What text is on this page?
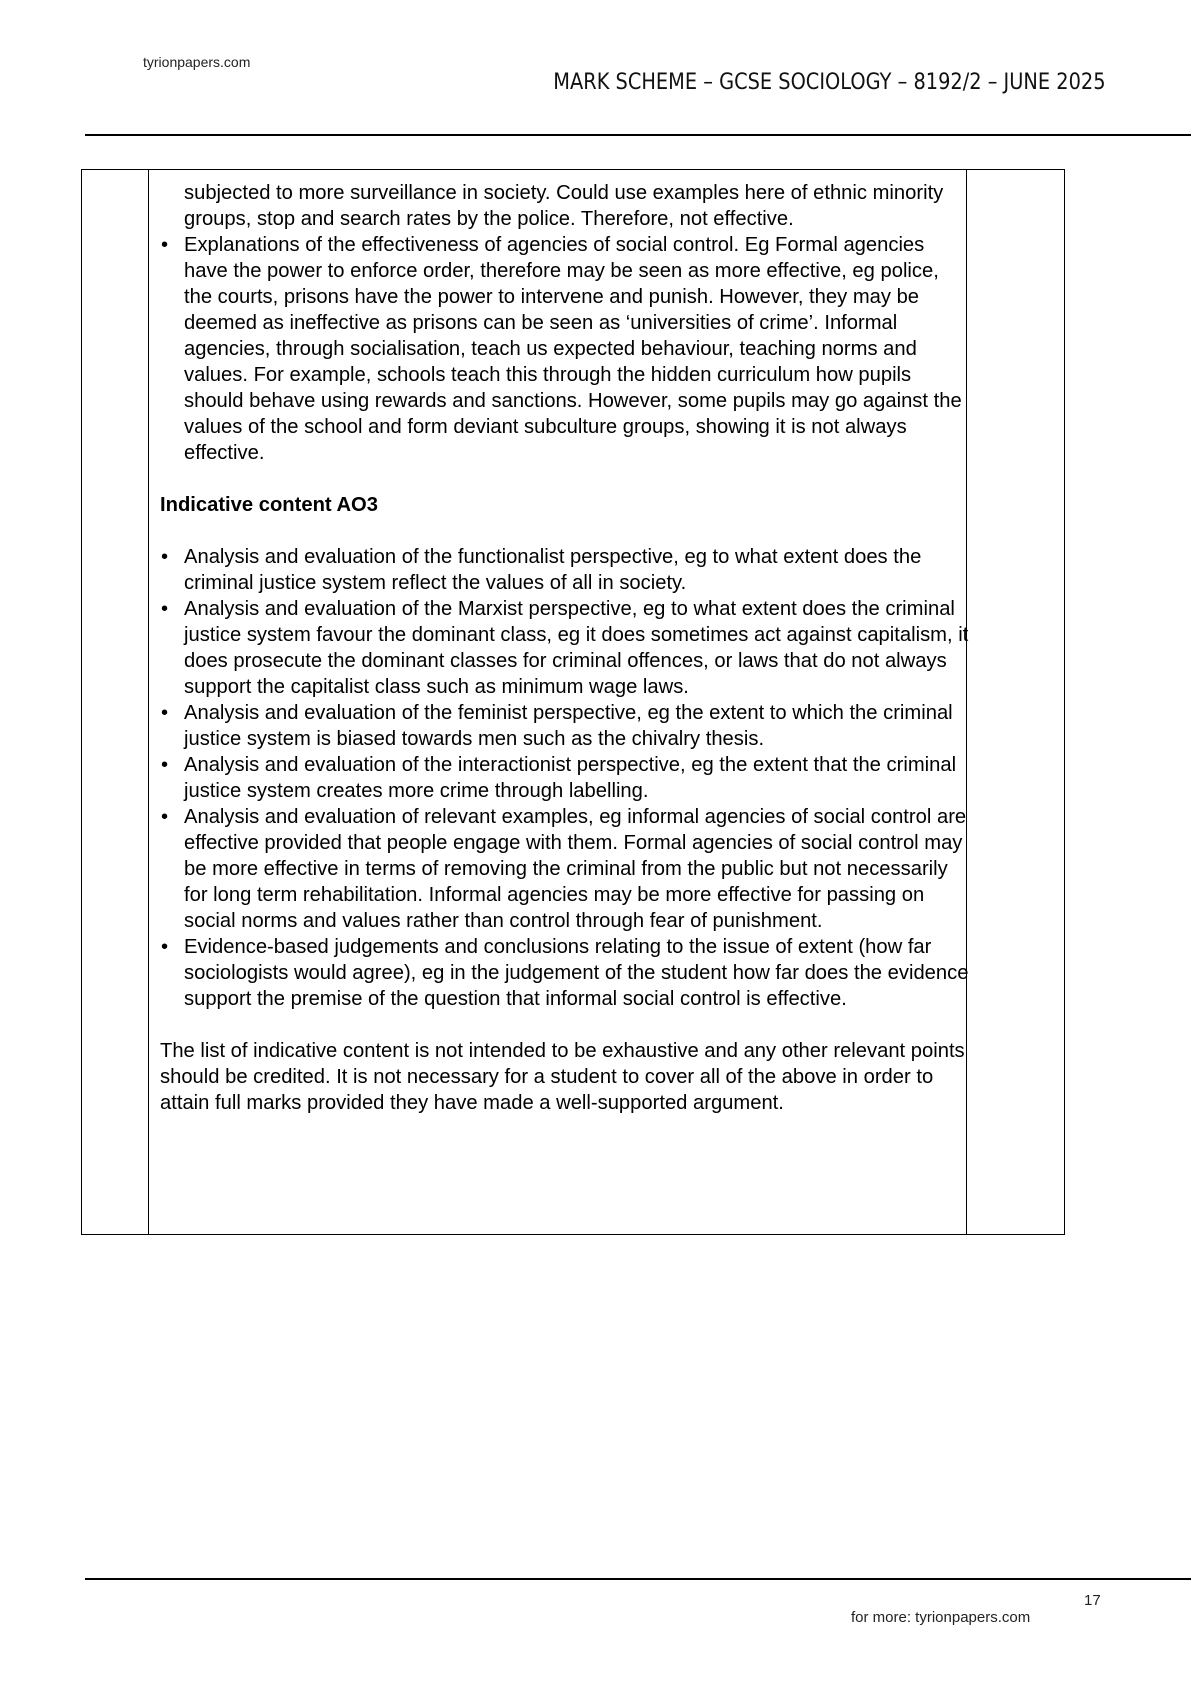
tyrionpapers.com
MARK SCHEME – GCSE SOCIOLOGY – 8192/2 – JUNE 2025
subjected to more surveillance in society. Could use examples here of ethnic minority groups, stop and search rates by the police. Therefore, not effective.
• Explanations of the effectiveness of agencies of social control. Eg Formal agencies have the power to enforce order, therefore may be seen as more effective, eg police, the courts, prisons have the power to intervene and punish. However, they may be deemed as ineffective as prisons can be seen as ‘universities of crime’. Informal agencies, through socialisation, teach us expected behaviour, teaching norms and values. For example, schools teach this through the hidden curriculum how pupils should behave using rewards and sanctions. However, some pupils may go against the values of the school and form deviant subculture groups, showing it is not always effective.
Indicative content AO3
• Analysis and evaluation of the functionalist perspective, eg to what extent does the criminal justice system reflect the values of all in society.
• Analysis and evaluation of the Marxist perspective, eg to what extent does the criminal justice system favour the dominant class, eg it does sometimes act against capitalism, it does prosecute the dominant classes for criminal offences, or laws that do not always support the capitalist class such as minimum wage laws.
• Analysis and evaluation of the feminist perspective, eg the extent to which the criminal justice system is biased towards men such as the chivalry thesis.
• Analysis and evaluation of the interactionist perspective, eg the extent that the criminal justice system creates more crime through labelling.
• Analysis and evaluation of relevant examples, eg informal agencies of social control are effective provided that people engage with them. Formal agencies of social control may be more effective in terms of removing the criminal from the public but not necessarily for long term rehabilitation. Informal agencies may be more effective for passing on social norms and values rather than control through fear of punishment.
• Evidence-based judgements and conclusions relating to the issue of extent (how far sociologists would agree), eg in the judgement of the student how far does the evidence support the premise of the question that informal social control is effective.
The list of indicative content is not intended to be exhaustive and any other relevant points should be credited. It is not necessary for a student to cover all of the above in order to attain full marks provided they have made a well-supported argument.
17
for more: tyrionpapers.com
